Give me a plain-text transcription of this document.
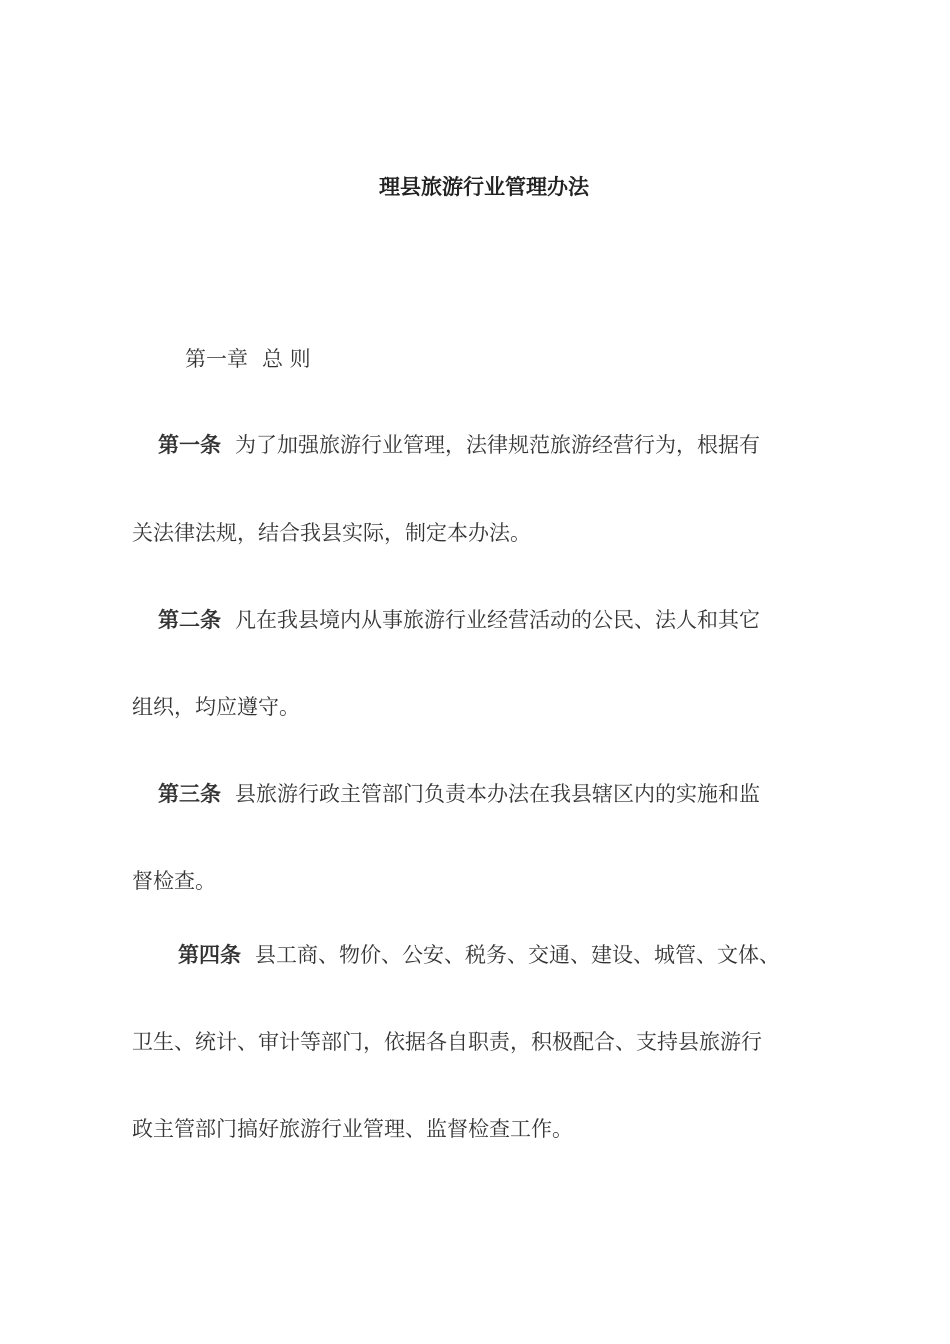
理县旅游行业管理办法
第一章 总 则
第一条 为了加强旅游行业管理，法律规范旅游经营行为，根据有
关法律法规，结合我县实际，制定本办法。
第二条 凡在我县境内从事旅游行业经营活动的公民、法人和其它
组织，均应遵守。
第三条 县旅游行政主管部门负责本办法在我县辖区内的实施和监
督检查。
第四条 县工商、物价、公安、税务、交通、建设、城管、文体、
卫生、统计、审计等部门，依据各自职责，积极配合、支持县旅游行
政主管部门搞好旅游行业管理、监督检查工作。
